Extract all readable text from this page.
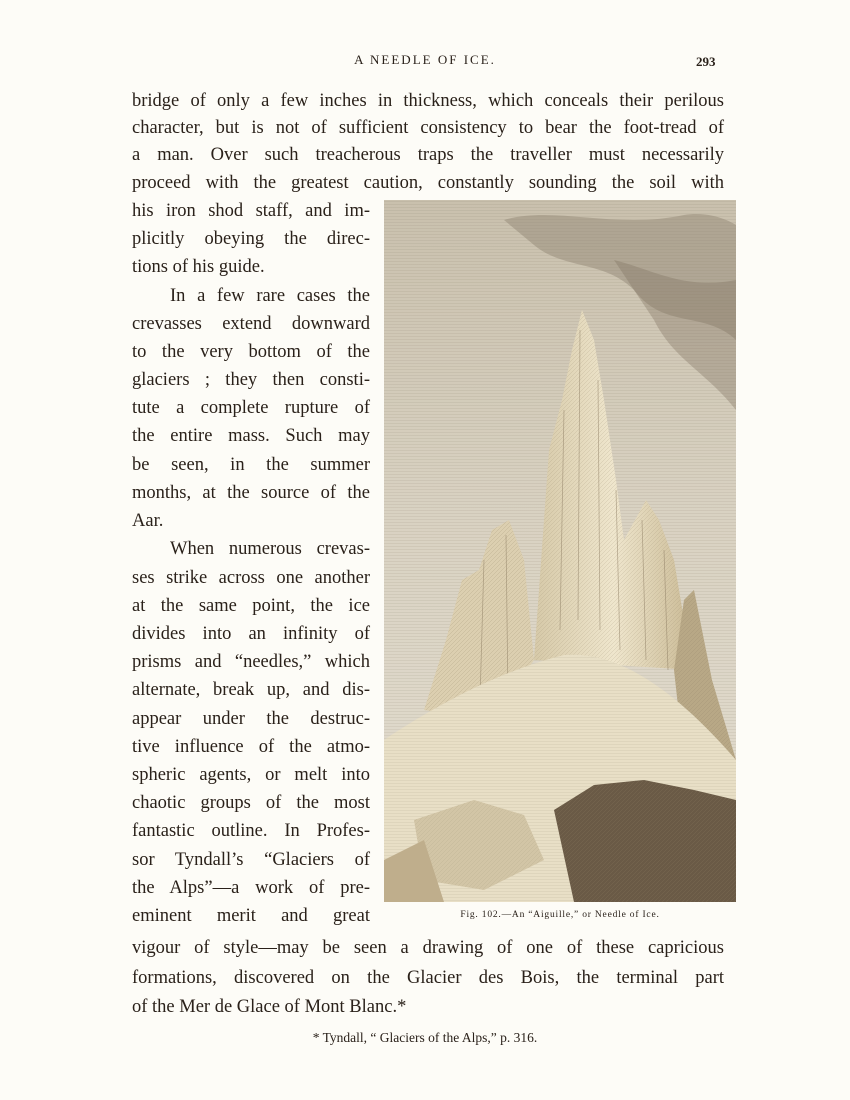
A NEEDLE OF ICE.	293
bridge of only a few inches in thickness, which conceals their perilous
character, but is not of sufficient consistency to bear the foot-tread of
a man. Over such treacherous traps the traveller must necessarily
proceed with the greatest caution, constantly sounding the soil with
his iron shod staff, and im-
plicitly obeying the direc-
tions of his guide.
In a few rare cases the
crevasses extend downward
to the very bottom of the
glaciers ; they then consti-
tute a complete rupture of
the entire mass. Such may
be seen, in the summer
months, at the source of the
Aar.
When numerous crevas-
ses strike across one another
at the same point, the ice
divides into an infinity of
prisms and “needles,” which
alternate, break up, and dis-
appear under the destruc-
tive influence of the atmo-
spheric agents, or melt into
chaotic groups of the most
fantastic outline. In Profes-
sor Tyndall’s “Glaciers of
the Alps”—a work of pre-
eminent merit and great
vigour of style—may be seen a drawing of one of these capricious
formations, discovered on the Glacier des Bois, the terminal part
of the Mer de Glace of Mont Blanc.*
Fig. 102.—An “Aiguille,” or Needle of Ice.
* Tyndall, “ Glaciers of the Alps,” p. 316.
